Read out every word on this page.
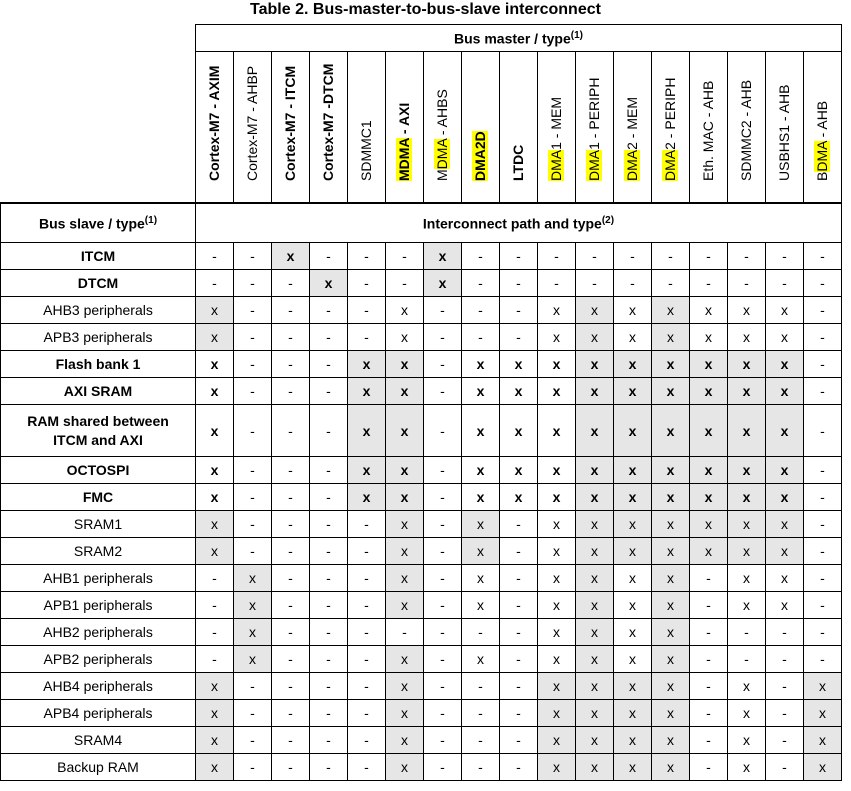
Table 2. Bus-master-to-bus-slave interconnect
	Bus master / type$^{(1)}$

	Cortex-M7 - AXIM	Cortex-M7 - AHBP	Cortex-M7 - ITCM	Cortex-M7 -DTCM	SDMMC1	MDMA - AXI	MDMA - AHBS	DMA2D	LTDC	DMA1 - MEM	DMA1 - PERIPH	DMA2 - MEM	DMA2 - PERIPH	Eth. MAC - AHB	SDMMC2 - AHB	USBHS1 - AHB	BDMA - AHB

Bus slave / type$^{(1)}$	Interconnect path and type$^{(2)}$
ITCM	-	-	x	-	-	-	x	-	-	-	-	-	-	-	-	-	-
DTCM	-	-	-	x	-	-	x	-	-	-	-	-	-	-	-	-	-
AHB3 peripherals	x	-	-	-	-	x	-	-	-	x	x	x	x	x	x	x	-
APB3 peripherals	x	-	-	-	-	x	-	-	-	x	x	x	x	x	x	x	-
Flash bank 1	x	-	-	-	x	x	-	x	x	x	x	x	x	x	x	x	-
AXI SRAM	x	-	-	-	x	x	-	x	x	x	x	x	x	x	x	x	-
RAM shared between ITCM and AXI	x	-	-	-	x	x	-	x	x	x	x	x	x	x	x	x	-
OCTOSPI	x	-	-	-	x	x	-	x	x	x	x	x	x	x	x	x	-
FMC	x	-	-	-	x	x	-	x	x	x	x	x	x	x	x	x	-
SRAM1	x	-	-	-	-	x	-	x	-	x	x	x	x	x	x	x	-
SRAM2	x	-	-	-	-	x	-	x	-	x	x	x	x	x	x	x	-
AHB1 peripherals	-	x	-	-	-	x	-	x	-	x	x	x	x	-	x	x	-
APB1 peripherals	-	x	-	-	-	x	-	x	-	x	x	x	x	-	x	x	-
AHB2 peripherals	-	x	-	-	-	-	-	-	-	x	x	x	x	-	-	-	-
APB2 peripherals	-	x	-	-	-	x	-	x	-	x	x	x	x	-	-	-	-
AHB4 peripherals	x	-	-	-	-	x	-	-	-	x	x	x	x	-	x	-	x
APB4 peripherals	x	-	-	-	-	x	-	-	-	x	x	x	x	-	x	-	x
SRAM4	x	-	-	-	-	x	-	-	-	x	x	x	x	-	x	-	x
Backup RAM	x	-	-	-	-	x	-	-	-	x	x	x	x	-	x	-	x
